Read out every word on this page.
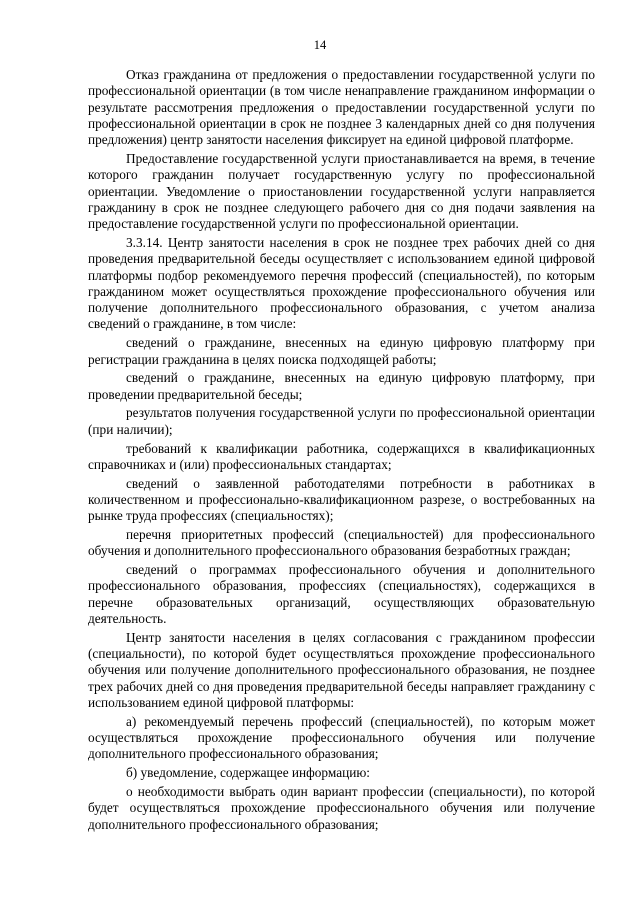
14

Отказ гражданина от предложения о предоставлении государственной услуги по профессиональной ориентации (в том числе ненаправление гражданином информации о результате рассмотрения предложения о предоставлении государственной услуги по профессиональной ориентации в срок не позднее 3 календарных дней со дня получения предложения) центр занятости населения фиксирует на единой цифровой платформе.

Предоставление государственной услуги приостанавливается на время, в течение которого гражданин получает государственную услугу по профессиональной ориентации. Уведомление о приостановлении государственной услуги направляется гражданину в срок не позднее следующего рабочего дня со дня подачи заявления на предоставление государственной услуги по профессиональной ориентации.

3.3.14. Центр занятости населения в срок не позднее трех рабочих дней со дня проведения предварительной беседы осуществляет с использованием единой цифровой платформы подбор рекомендуемого перечня профессий (специальностей), по которым гражданином может осуществляться прохождение профессионального обучения или получение дополнительного профессионального образования, с учетом анализа сведений о гражданине, в том числе:

сведений о гражданине, внесенных на единую цифровую платформу при регистрации гражданина в целях поиска подходящей работы;

сведений о гражданине, внесенных на единую цифровую платформу, при проведении предварительной беседы;

результатов получения государственной услуги по профессиональной ориентации (при наличии);

требований к квалификации работника, содержащихся в квалификационных справочниках и (или) профессиональных стандартах;

сведений о заявленной работодателями потребности в работниках в количественном и профессионально-квалификационном разрезе, о востребованных на рынке труда профессиях (специальностях);

перечня приоритетных профессий (специальностей) для профессионального обучения и дополнительного профессионального образования безработных граждан;

сведений о программах профессионального обучения и дополнительного профессионального образования, профессиях (специальностях), содержащихся в перечне образовательных организаций, осуществляющих образовательную деятельность.

Центр занятости населения в целях согласования с гражданином профессии (специальности), по которой будет осуществляться прохождение профессионального обучения или получение дополнительного профессионального образования, не позднее трех рабочих дней со дня проведения предварительной беседы направляет гражданину с использованием единой цифровой платформы:

а) рекомендуемый перечень профессий (специальностей), по которым может осуществляться прохождение профессионального обучения или получение дополнительного профессионального образования;

б) уведомление, содержащее информацию:

о необходимости выбрать один вариант профессии (специальности), по которой будет осуществляться прохождение профессионального обучения или получение дополнительного профессионального образования;
